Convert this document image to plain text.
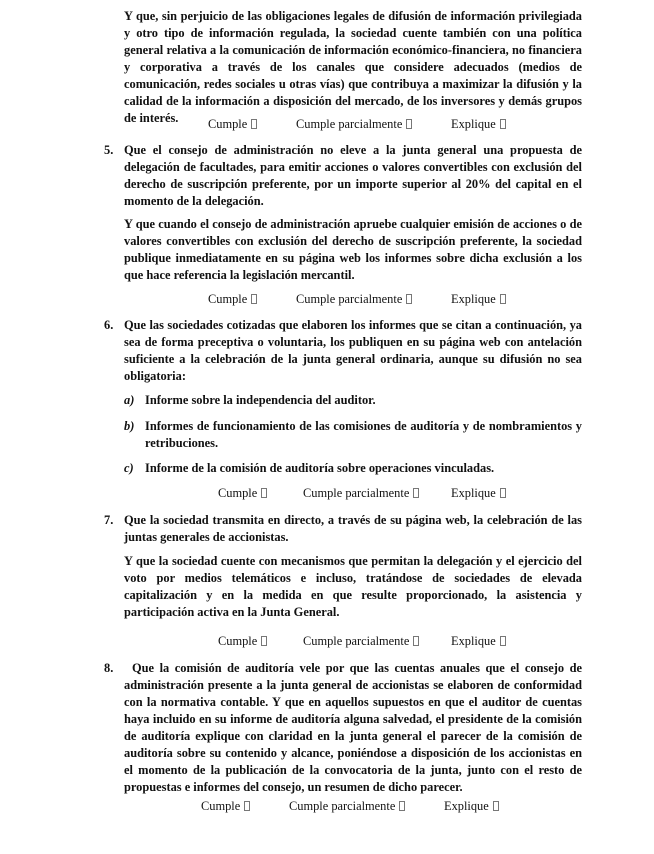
Y que, sin perjuicio de las obligaciones legales de difusión de información privilegiada y otro tipo de información regulada, la sociedad cuente también con una política general relativa a la comunicación de información económico-financiera, no financiera y corporativa a través de los canales que considere adecuados (medios de comunicación, redes sociales u otras vías) que contribuya a maximizar la difusión y la calidad de la información a disposición del mercado, de los inversores y demás grupos de interés.	Cumple	Cumple parcialmente	Explique

5. Que el consejo de administración no eleve a la junta general una propuesta de delegación de facultades, para emitir acciones o valores convertibles con exclusión del derecho de suscripción preferente, por un importe superior al 20% del capital en el momento de la delegación.

Y que cuando el consejo de administración apruebe cualquier emisión de acciones o de valores convertibles con exclusión del derecho de suscripción preferente, la sociedad publique inmediatamente en su página web los informes sobre dicha exclusión a los que hace referencia la legislación mercantil.

Cumple	Cumple parcialmente	Explique

6. Que las sociedades cotizadas que elaboren los informes que se citan a continuación, ya sea de forma preceptiva o voluntaria, los publiquen en su página web con antelación suficiente a la celebración de la junta general ordinaria, aunque su difusión no sea obligatoria:

a) Informe sobre la independencia del auditor.

b) Informes de funcionamiento de las comisiones de auditoría y de nombramientos y retribuciones.

c) Informe de la comisión de auditoría sobre operaciones vinculadas.

Cumple	Cumple parcialmente	Explique

7. Que la sociedad transmita en directo, a través de su página web, la celebración de las juntas generales de accionistas.

Y que la sociedad cuente con mecanismos que permitan la delegación y el ejercicio del voto por medios telemáticos e incluso, tratándose de sociedades de elevada capitalización y en la medida en que resulte proporcionado, la asistencia y participación activa en la Junta General.

Cumple	Cumple parcialmente	Explique

8.	Que la comisión de auditoría vele por que las cuentas anuales que el consejo de administración presente a la junta general de accionistas se elaboren de conformidad con la normativa contable. Y que en aquellos supuestos en que el auditor de cuentas haya incluido en su informe de auditoría alguna salvedad, el presidente de la comisión de auditoría explique con claridad en la junta general el parecer de la comisión de auditoría sobre su contenido y alcance, poniéndose a disposición de los accionistas en el momento de la publicación de la convocatoria de la junta, junto con el resto de propuestas e informes del consejo, un resumen de dicho parecer.

Cumple	Cumple parcialmente	Explique
